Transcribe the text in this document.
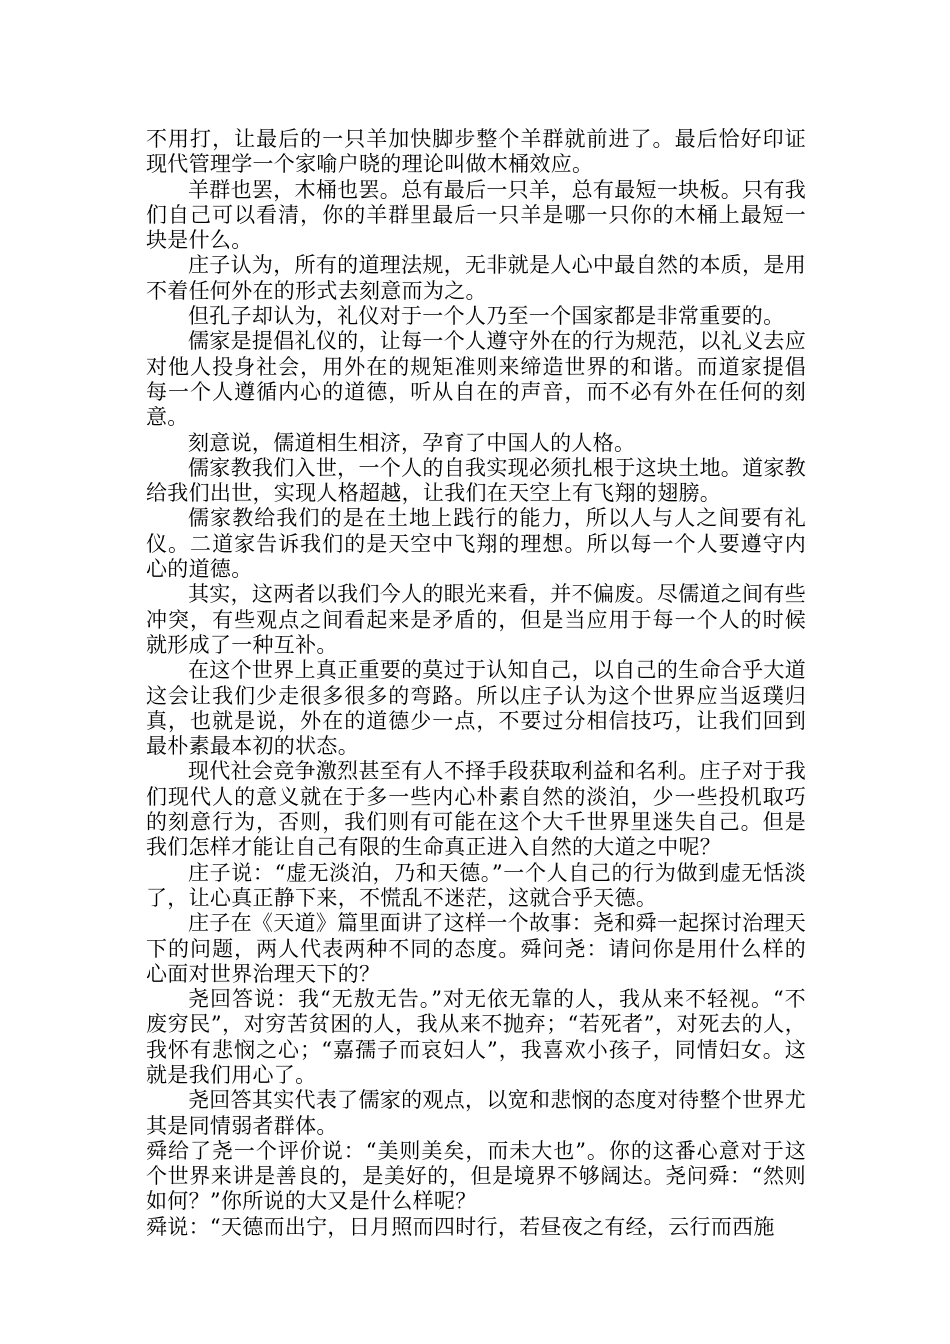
不用打，让最后的一只羊加快脚步整个羊群就前进了。最后恰好印证现代管理学一个家喻户晓的理论叫做木桶效应。

羊群也罢，木桶也罢。总有最后一只羊，总有最短一块板。只有我们自己可以看清，你的羊群里最后一只羊是哪一只你的木桶上最短一块是什么。

庄子认为，所有的道理法规，无非就是人心中最自然的本质，是用不着任何外在的形式去刻意而为之。

但孔子却认为，礼仪对于一个人乃至一个国家都是非常重要的。

儒家是提倡礼仪的，让每一个人遵守外在的行为规范，以礼义去应对他人投身社会，用外在的规矩准则来缔造世界的和谐。而道家提倡每一个人遵循内心的道德，听从自在的声音，而不必有外在任何的刻意。

刻意说，儒道相生相济，孕育了中国人的人格。

儒家教我们入世，一个人的自我实现必须扎根于这块土地。道家教给我们出世，实现人格超越，让我们在天空上有飞翔的翅膀。

儒家教给我们的是在土地上践行的能力，所以人与人之间要有礼仪。二道家告诉我们的是天空中飞翔的理想。所以每一个人要遵守内心的道德。

其实，这两者以我们今人的眼光来看，并不偏废。尽儒道之间有些冲突，有些观点之间看起来是矛盾的，但是当应用于每一个人的时候就形成了一种互补。

在这个世界上真正重要的莫过于认知自己，以自己的生命合乎大道这会让我们少走很多很多的弯路。所以庄子认为这个世界应当返璞归真，也就是说，外在的道德少一点，不要过分相信技巧，让我们回到最朴素最本初的状态。

现代社会竞争激烈甚至有人不择手段获取利益和名利。庄子对于我们现代人的意义就在于多一些内心朴素自然的淡泊，少一些投机取巧的刻意行为，否则，我们则有可能在这个大千世界里迷失自己。但是我们怎样才能让自己有限的生命真正进入自然的大道之中呢？

庄子说：“虚无淡泊，乃和天德。”一个人自己的行为做到虚无恬淡了，让心真正静下来，不慌乱不迷茫，这就合乎天德。

庄子在《天道》篇里面讲了这样一个故事：尧和舜一起探讨治理天下的问题，两人代表两种不同的态度。舜问尧：请问你是用什么样的心面对世界治理天下的？

尧回答说：我“无敖无告。”对无依无靠的人，我从来不轻视。“不废穷民”，对穷苦贫困的人，我从来不抛弃；“若死者”，对死去的人，我怀有悲悯之心；“嘉孺子而哀妇人”，我喜欢小孩子，同情妇女。这就是我们用心了。

尧回答其实代表了儒家的观点，以宽和悲悯的态度对待整个世界尤其是同情弱者群体。

舜给了尧一个评价说：“美则美矣，而未大也”。你的这番心意对于这个世界来讲是善良的，是美好的，但是境界不够阔达。尧问舜：“然则如何？”你所说的大又是什么样呢？

舜说：“天德而出宁，日月照而四时行，若昼夜之有经，云行而西施
